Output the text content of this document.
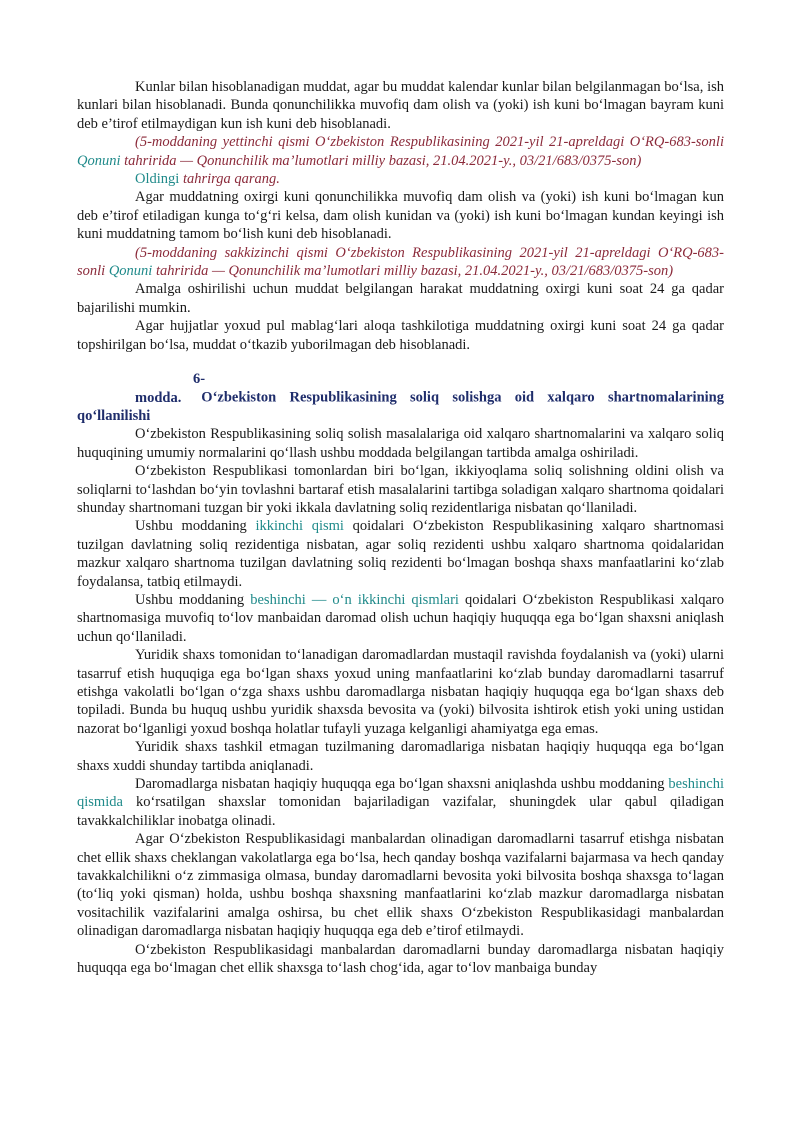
Kunlar bilan hisoblanadigan muddat, agar bu muddat kalendar kunlar bilan belgilanmagan bo‘lsa, ish kunlari bilan hisoblanadi. Bunda qonunchilikka muvofiq dam olish va (yoki) ish kuni bo‘lmagan bayram kuni deb e’tirof etilmaydigan kun ish kuni deb hisoblanadi.

(5-moddaning yettinchi qismi O‘zbekiston Respublikasining 2021-yil 21-apreldagi O‘RQ-683-sonli Qonuni tahririda — Qonunchilik ma’lumotlari milliy bazasi, 21.04.2021-y., 03/21/683/0375-son)

Oldingi tahrirga qarang.

Agar muddatning oxirgi kuni qonunchilikka muvofiq dam olish va (yoki) ish kuni bo‘lmagan kun deb e’tirof etiladigan kunga to‘g‘ri kelsa, dam olish kunidan va (yoki) ish kuni bo‘lmagan kundan keyingi ish kuni muddatning tamom bo‘lish kuni deb hisoblanadi.

(5-moddaning sakkizinchi qismi O‘zbekiston Respublikasining 2021-yil 21-apreldagi O‘RQ-683-sonli Qonuni tahririda — Qonunchilik ma’lumotlari milliy bazasi, 21.04.2021-y., 03/21/683/0375-son)

Amalga oshirilishi uchun muddat belgilangan harakat muddatning oxirgi kuni soat 24 ga qadar bajarilishi mumkin.

Agar hujjatlar yoxud pul mablag‘lari aloqa tashkilotiga muddatning oxirgi kuni soat 24 ga qadar topshirilgan bo‘lsa, muddat o‘tkazib yuborilmagan deb hisoblanadi.

6-modda. O‘zbekiston Respublikasining soliq solishga oid xalqaro shartnomalarining qo‘llanilishi

O‘zbekiston Respublikasining soliq solish masalalariga oid xalqaro shartnomalarini va xalqaro soliq huquqining umumiy normalarini qo‘llash ushbu moddada belgilangan tartibda amalga oshiriladi.

O‘zbekiston Respublikasi tomonlardan biri bo‘lgan, ikkiyoqlama soliq solishning oldini olish va soliqlarni to‘lashdan bo‘yin tovlashni bartaraf etish masalalarini tartibga soladigan xalqaro shartnoma qoidalari shunday shartnomani tuzgan bir yoki ikkala davlatning soliq rezidentlariga nisbatan qo‘llaniladi.

Ushbu moddaning ikkinchi qismi qoidalari O‘zbekiston Respublikasining xalqaro shartnomasi tuzilgan davlatning soliq rezidentiga nisbatan, agar soliq rezidenti ushbu xalqaro shartnoma qoidalaridan mazkur xalqaro shartnoma tuzilgan davlatning soliq rezidenti bo‘lmagan boshqa shaxs manfaatlarini ko‘zlab foydalansa, tatbiq etilmaydi.

Ushbu moddaning beshinchi — o‘n ikkinchi qismlari qoidalari O‘zbekiston Respublikasi xalqaro shartnomasiga muvofiq to‘lov manbaidan daromad olish uchun haqiqiy huquqqa ega bo‘lgan shaxsni aniqlash uchun qo‘llaniladi.

Yuridik shaxs tomonidan to‘lanadigan daromadlardan mustaqil ravishda foydalanish va (yoki) ularni tasarruf etish huquqiga ega bo‘lgan shaxs yoxud uning manfaatlarini ko‘zlab bunday daromadlarni tasarruf etishga vakolatli bo‘lgan o‘zga shaxs ushbu daromadlarga nisbatan haqiqiy huquqqa ega bo‘lgan shaxs deb topiladi. Bunda bu huquq ushbu yuridik shaxsda bevosita va (yoki) bilvosita ishtirok etish yoki uning ustidan nazorat bo‘lganligi yoxud boshqa holatlar tufayli yuzaga kelganligi ahamiyatga ega emas.

Yuridik shaxs tashkil etmagan tuzilmaning daromadlariga nisbatan haqiqiy huquqqa ega bo‘lgan shaxs xuddi shunday tartibda aniqlanadi.

Daromadlarga nisbatan haqiqiy huquqqa ega bo‘lgan shaxsni aniqlashda ushbu moddaning beshinchi qismida ko‘rsatilgan shaxslar tomonidan bajariladigan vazifalar, shuningdek ular qabul qiladigan tavakkalchiliklar inobatga olinadi.

Agar O‘zbekiston Respublikasidagi manbalardan olinadigan daromadlarni tasarruf etishga nisbatan chet ellik shaxs cheklangan vakolatlarga ega bo‘lsa, hech qanday boshqa vazifalarni bajarmasa va hech qanday tavakkalchilikni o‘z zimmasiga olmasa, bunday daromadlarni bevosita yoki bilvosita boshqa shaxsga to‘lagan (to‘liq yoki qisman) holda, ushbu boshqa shaxsning manfaatlarini ko‘zlab mazkur daromadlarga nisbatan vositachilik vazifalarini amalga oshirsa, bu chet ellik shaxs O‘zbekiston Respublikasidagi manbalardan olinadigan daromadlarga nisbatan haqiqiy huquqqa ega deb e’tirof etilmaydi.

O‘zbekiston Respublikasidagi manbalardan daromadlarni bunday daromadlarga nisbatan haqiqiy huquqqa ega bo‘lmagan chet ellik shaxsga to‘lash chog‘ida, agar to‘lov manbaiga bunday
